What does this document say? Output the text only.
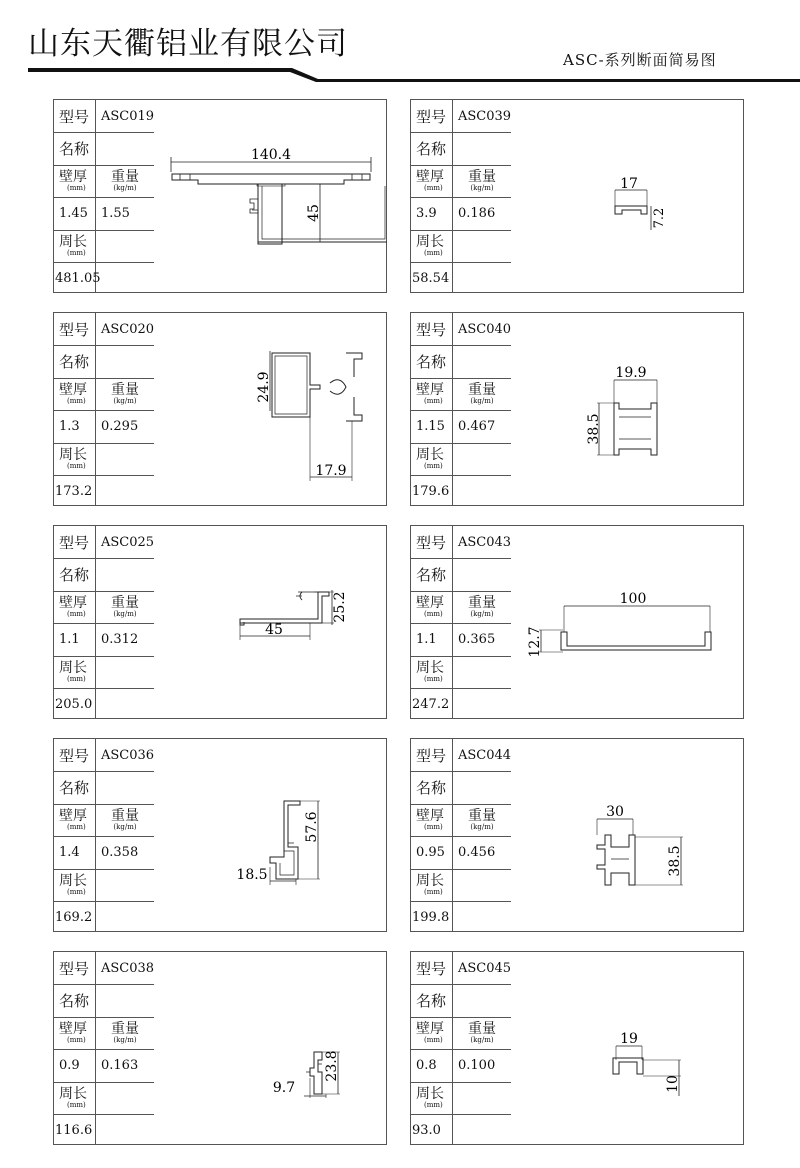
山东天衢铝业有限公司	ASC-系列断面简易图
型号 ASC019
名称
壁厚
(mm)
重量
(kg/m)
1.45 1.55
周长
(mm)
481.05
140.4
45
型号 ASC039
名称
壁厚
(mm)
重量
(kg/m)
3.9 0.186
周长
(mm)
58.54
17
7.2
型号 ASC020
名称
壁厚
(mm)
重量
(kg/m)
1.3 0.295
周长
(mm)
173.2
24.9
17.9
型号 ASC040
名称
壁厚
(mm)
重量
(kg/m)
1.15 0.467
周长
(mm)
179.6
19.9
38.5
型号 ASC025
名称
壁厚
(mm)
重量
(kg/m)
1.1 0.312
周长
(mm)
205.0
45
25.2
型号 ASC043
名称
壁厚
(mm)
重量
(kg/m)
1.1 0.365
周长
(mm)
247.2
100
12.7
型号 ASC036
名称
壁厚
(mm)
重量
(kg/m)
1.4 0.358
周长
(mm)
169.2
57.6
18.5
型号 ASC044
名称
壁厚
(mm)
重量
(kg/m)
0.95 0.456
周长
(mm)
199.8
30
38.5
型号 ASC038
名称
壁厚
(mm)
重量
(kg/m)
0.9 0.163
周长
(mm)
116.6
23.8
9.7
型号 ASC045
名称
壁厚
(mm)
重量
(kg/m)
0.8 0.100
周长
(mm)
93.0
19
10
